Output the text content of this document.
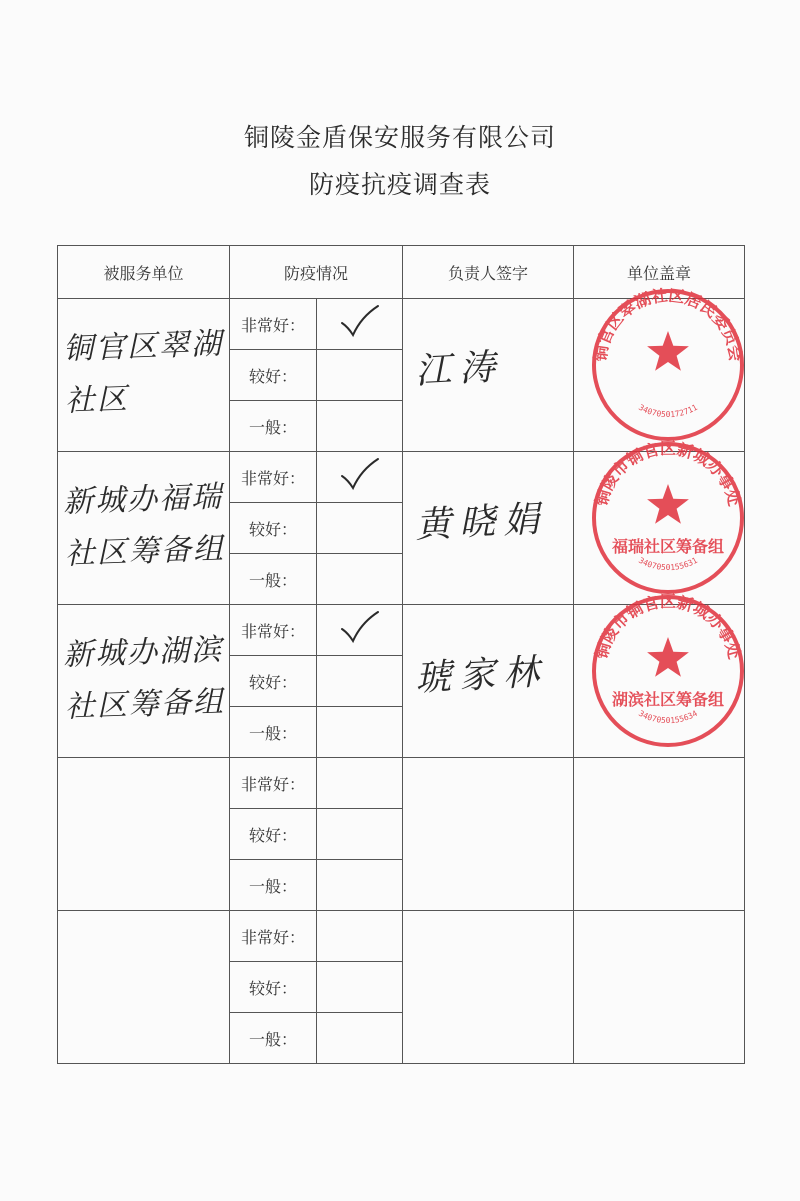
铜陵金盾保安服务有限公司
防疫抗疫调查表
被服务单位	防疫情况		负责人签字	单位盖章

铜官区翠湖社区	非常好：		江涛	铜官区翠湖社区居民委员会
3407050172711

	较好：			
	一般：			

新城办福瑞社区筹备组	非常好：		黄晓娟	铜陵市铜官区新城办事处
福瑞社区筹备组
3407050155631

	较好：			
	一般：			

新城办湖滨社区筹备组	非常好：		琥家林	铜陵市铜官区新城办事处
湖滨社区筹备组
3407050155634

	较好：			
	一般：			
	非常好：			
	较好：			
	一般：			
	非常好：			
	较好：			
	一般：			
